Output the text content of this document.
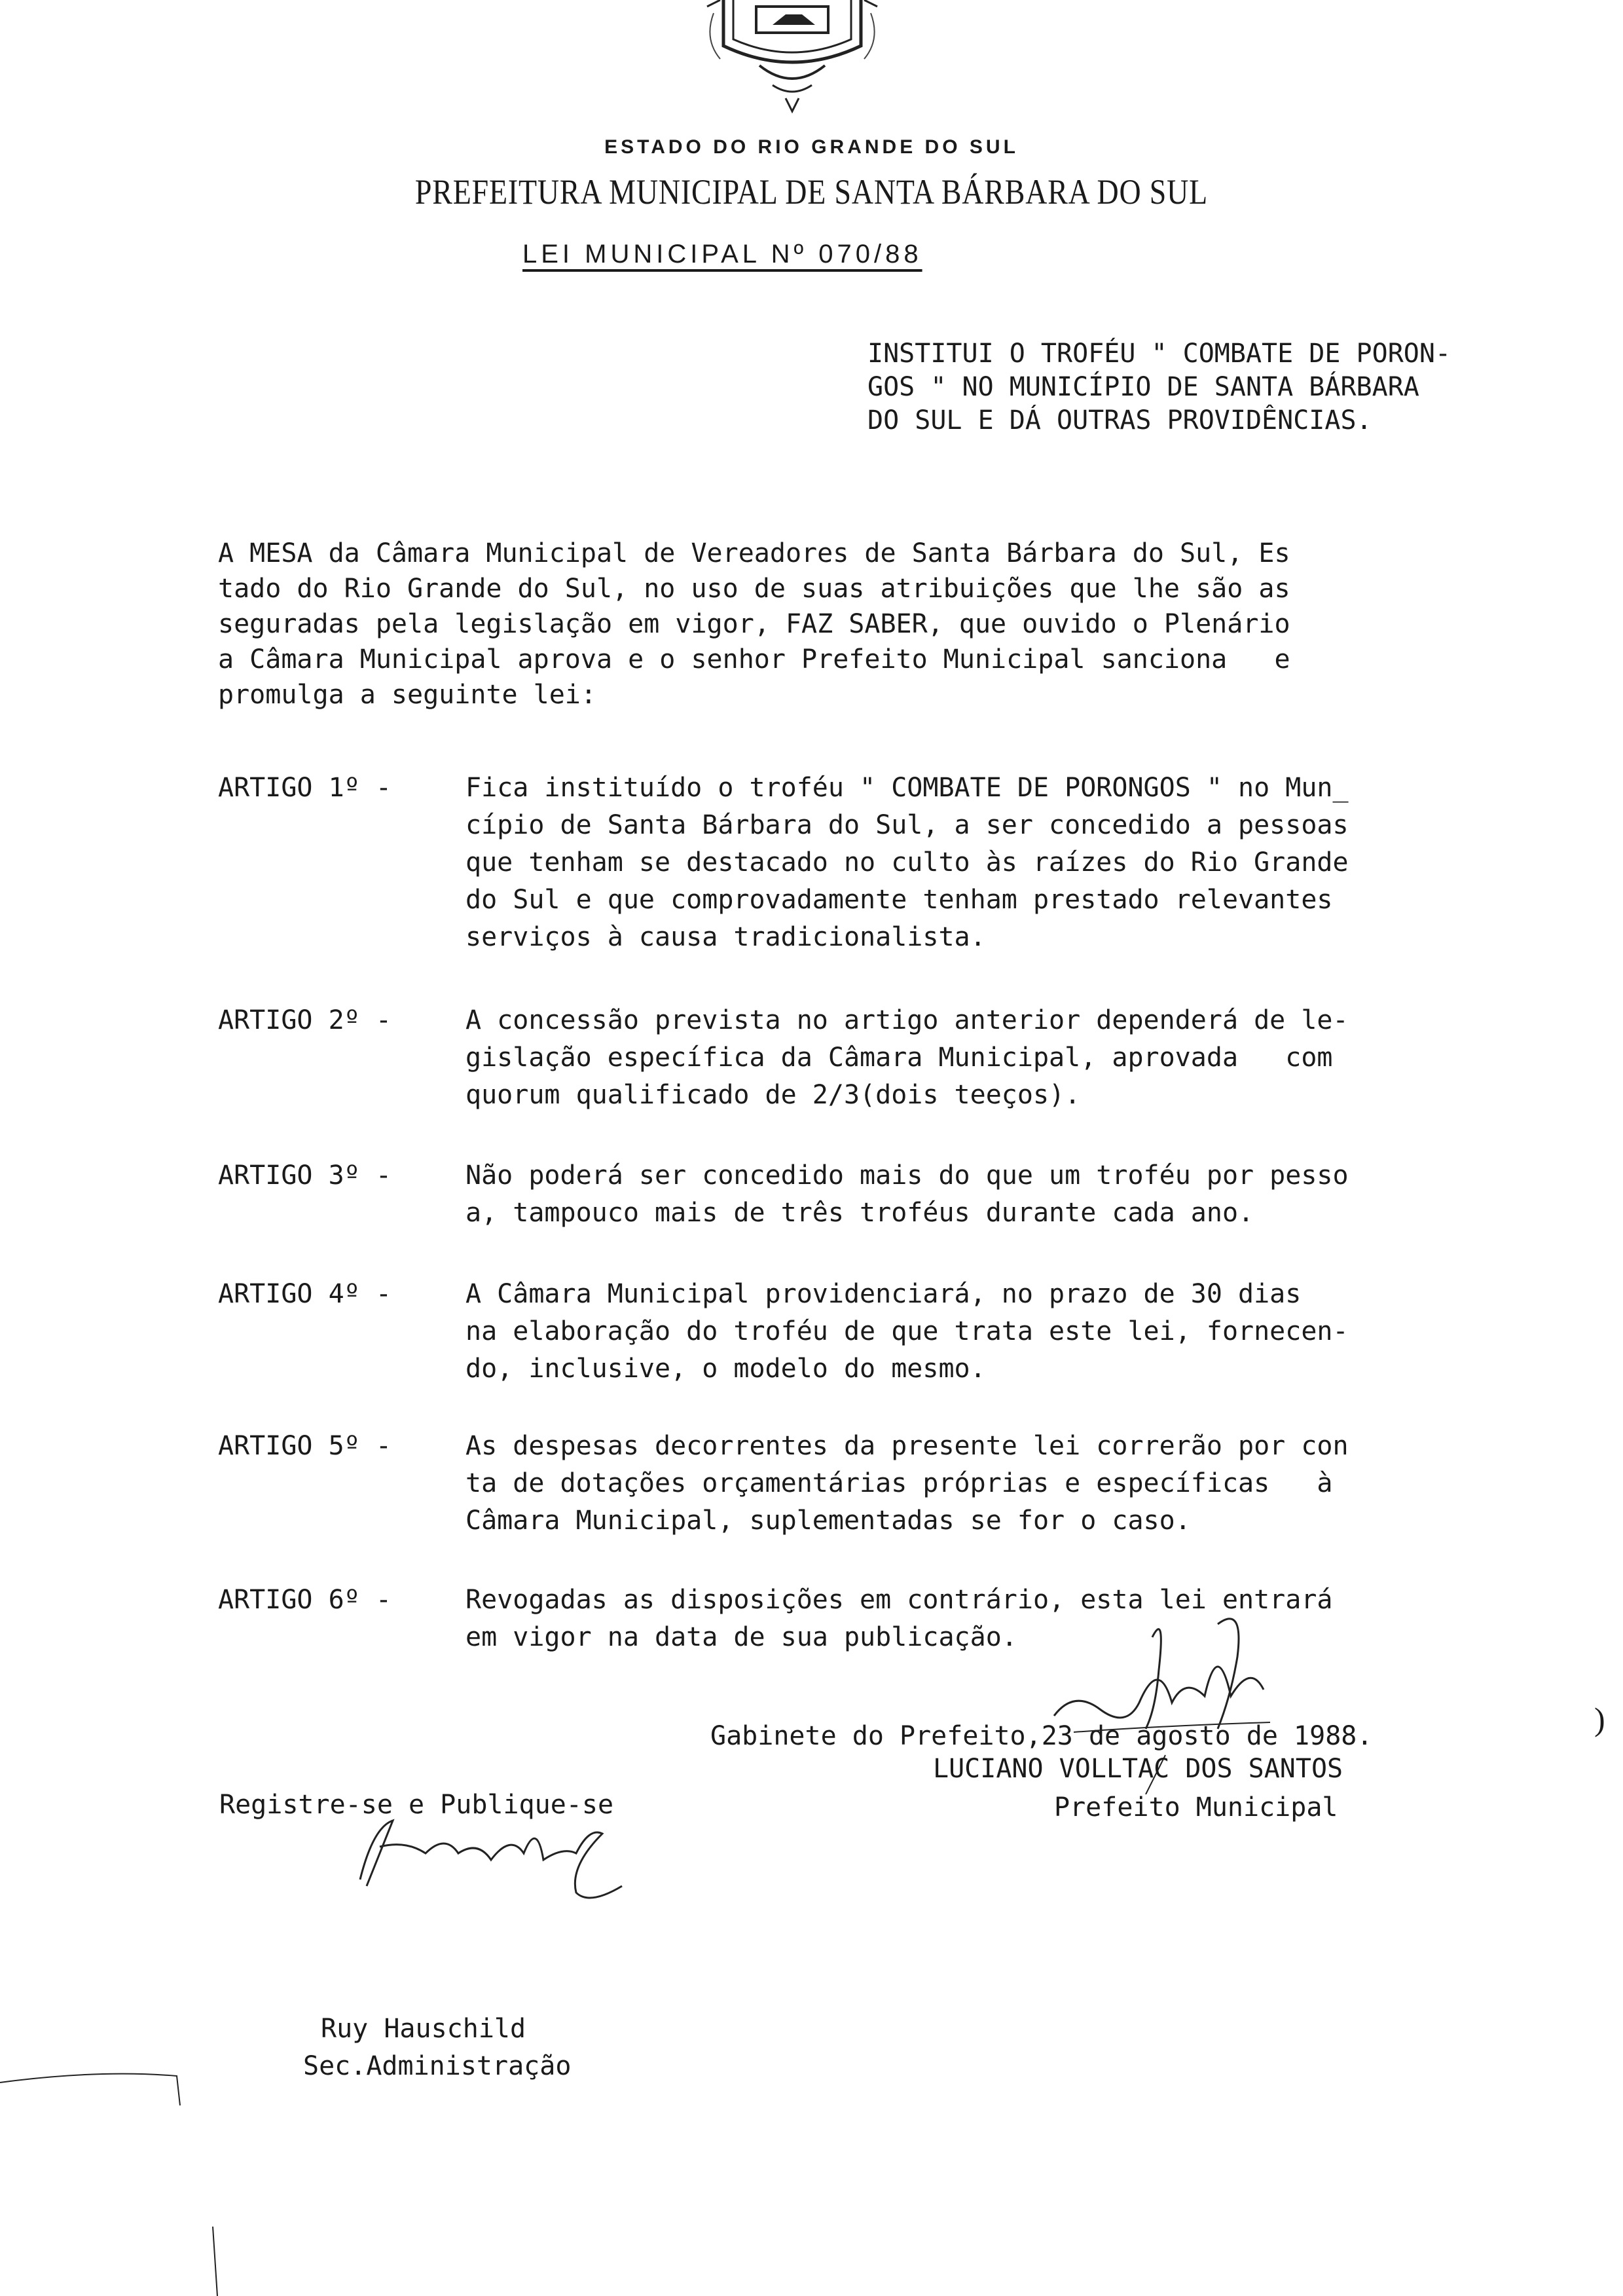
ESTADO DO RIO GRANDE DO SUL
PREFEITURA MUNICIPAL DE SANTA BÁRBARA DO SUL
LEI MUNICIPAL Nº 070/88
INSTITUI O TROFÉU " COMBATE DE PORON-
GOS " NO MUNICÍPIO DE SANTA BÁRBARA
DO SUL E DÁ OUTRAS PROVIDÊNCIAS.
A MESA da Câmara Municipal de Vereadores de Santa Bárbara do Sul, Es
tado do Rio Grande do Sul, no uso de suas atribuições que lhe são as
seguradas pela legislação em vigor, FAZ SABER, que ouvido o Plenário
a Câmara Municipal aprova e o senhor Prefeito Municipal sanciona   e
promulga a seguinte lei:
ARTIGO 1º -	Fica instituído o troféu " COMBATE DE PORONGOS " no Mun_
cípio de Santa Bárbara do Sul, a ser concedido a pessoas
que tenham se destacado no culto às raízes do Rio Grande
do Sul e que comprovadamente tenham prestado relevantes
serviços à causa tradicionalista.
ARTIGO 2º -	A concessão prevista no artigo anterior dependerá de le-
gislação específica da Câmara Municipal, aprovada   com
quorum qualificado de 2/3(dois teeços).
ARTIGO 3º -	Não poderá ser concedido mais do que um troféu por pesso
a, tampouco mais de três troféus durante cada ano.
ARTIGO 4º -	A Câmara Municipal providenciará, no prazo de 30 dias
na elaboração do troféu de que trata este lei, fornecen-
do, inclusive, o modelo do mesmo.
ARTIGO 5º -	As despesas decorrentes da presente lei correrão por con
ta de dotações orçamentárias próprias e específicas   à
Câmara Municipal, suplementadas se for o caso.
ARTIGO 6º -	Revogadas as disposições em contrário, esta lei entrará
em vigor na data de sua publicação.
Gabinete do Prefeito,23 de agosto de 1988.	)
LUCIANO VOLLTAC DOS SANTOS
Prefeito Municipal
Registre-se e Publique-se
Ruy Hauschild
Sec.Administração
